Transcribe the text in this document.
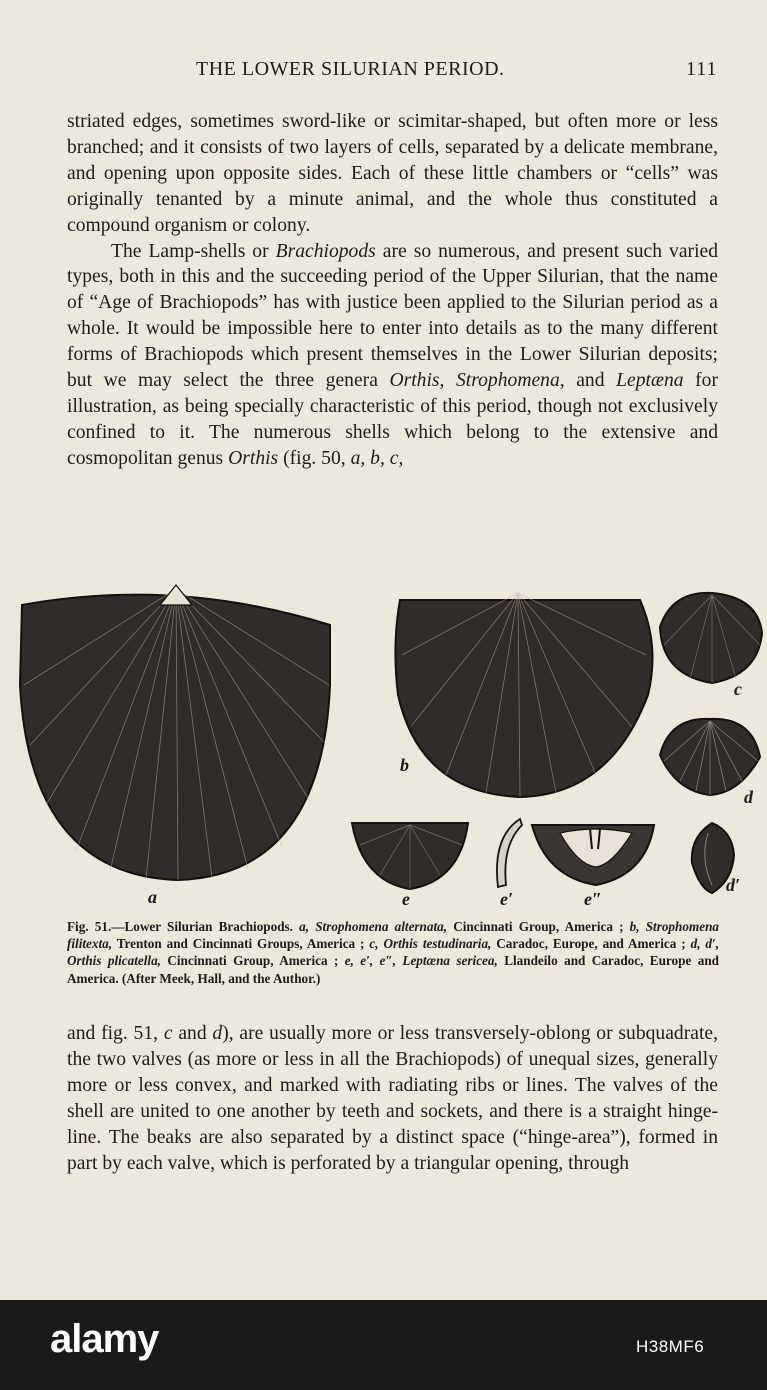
THE LOWER SILURIAN PERIOD.	111

striated edges, sometimes sword-like or scimitar-shaped, but often more or less branched; and it consists of two layers of cells, separated by a delicate membrane, and opening upon opposite sides. Each of these little chambers or “cells” was originally tenanted by a minute animal, and the whole thus constituted a compound organism or colony.

The Lamp-shells or Brachiopods are so numerous, and present such varied types, both in this and the succeeding period of the Upper Silurian, that the name of “Age of Brachiopods” has with justice been applied to the Silurian period as a whole. It would be impossible here to enter into details as to the many different forms of Brachiopods which present themselves in the Lower Silurian deposits; but we may select the three genera Orthis, Strophomena, and Leptæna for illustration, as being specially characteristic of this period, though not exclusively confined to it. The numerous shells which belong to the extensive and cosmopolitan genus Orthis (fig. 50, a, b, c,

a
b
c
d
e	e′	e″
d′
Fig. 51.—Lower Silurian Brachiopods. a, Strophomena alternata, Cincinnati Group, America ; b, Strophomena filitexta, Trenton and Cincinnati Groups, America ; c, Orthis testudinaria, Caradoc, Europe, and America ; d, d′, Orthis plicatella, Cincinnati Group, America ; e, e′, e″, Leptæna sericea, Llandeilo and Caradoc, Europe and America. (After Meek, Hall, and the Author.)

and fig. 51, c and d), are usually more or less transversely-oblong or subquadrate, the two valves (as more or less in all the Brachiopods) of unequal sizes, generally more or less convex, and marked with radiating ribs or lines. The valves of the shell are united to one another by teeth and sockets, and there is a straight hinge-line. The beaks are also separated by a distinct space (“hinge-area”), formed in part by each valve, which is perforated by a triangular opening, through

alamy	H38MF6
